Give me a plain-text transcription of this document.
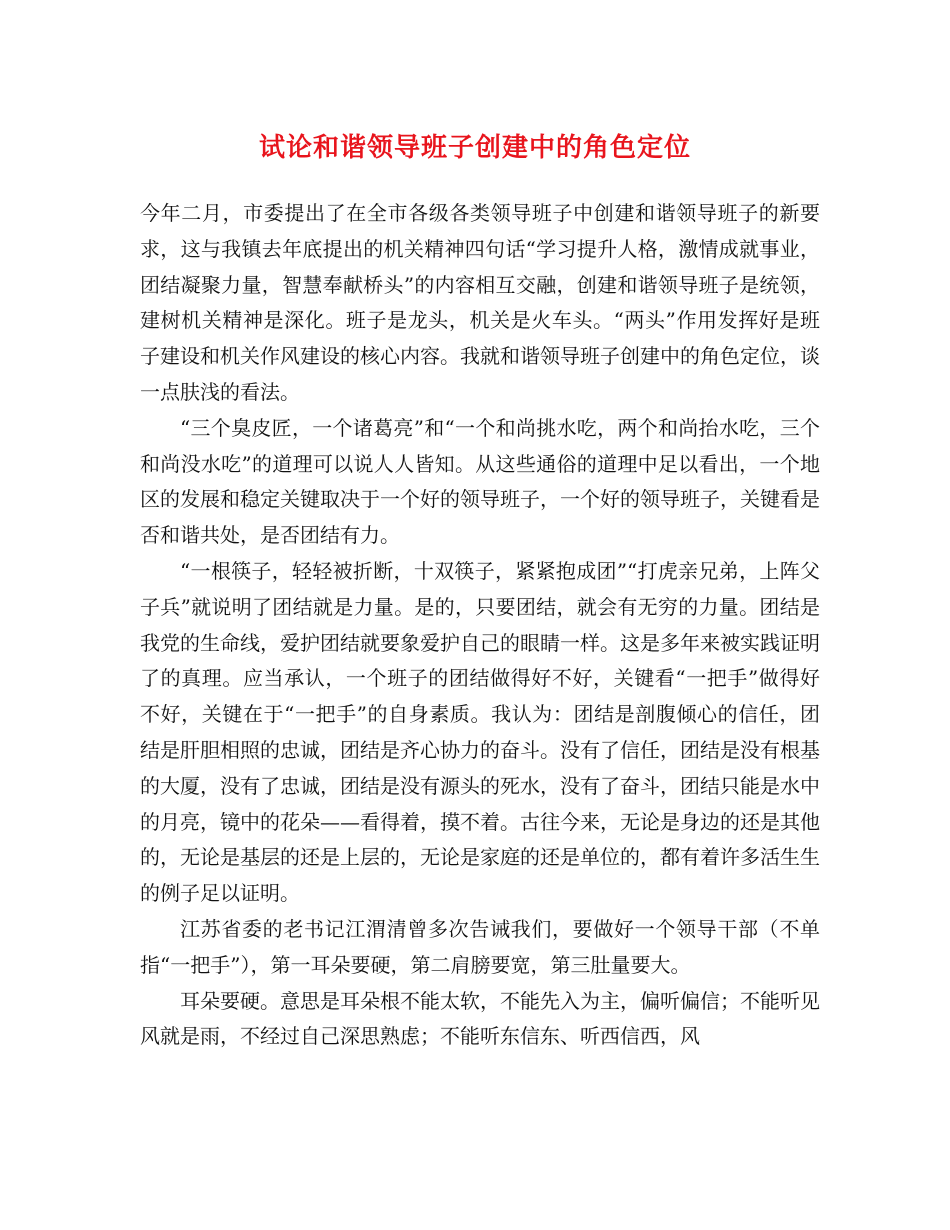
试论和谐领导班子创建中的角色定位

今年二月，市委提出了在全市各级各类领导班子中创建和谐领导班子的新要求，这与我镇去年底提出的机关精神四句话“学习提升人格，激情成就事业，团结凝聚力量，智慧奉献桥头”的内容相互交融，创建和谐领导班子是统领，建树机关精神是深化。班子是龙头，机关是火车头。“两头”作用发挥好是班子建设和机关作风建设的核心内容。我就和谐领导班子创建中的角色定位，谈一点肤浅的看法。

“三个臭皮匠，一个诸葛亮”和“一个和尚挑水吃，两个和尚抬水吃，三个和尚没水吃”的道理可以说人人皆知。从这些通俗的道理中足以看出，一个地区的发展和稳定关键取决于一个好的领导班子，一个好的领导班子，关键看是否和谐共处，是否团结有力。

“一根筷子，轻轻被折断，十双筷子，紧紧抱成团”“打虎亲兄弟，上阵父子兵”就说明了团结就是力量。是的，只要团结，就会有无穷的力量。团结是我党的生命线，爱护团结就要象爱护自己的眼睛一样。这是多年来被实践证明了的真理。应当承认，一个班子的团结做得好不好，关键看“一把手”做得好不好，关键在于“一把手”的自身素质。我认为：团结是剖腹倾心的信任，团结是肝胆相照的忠诚，团结是齐心协力的奋斗。没有了信任，团结是没有根基的大厦，没有了忠诚，团结是没有源头的死水，没有了奋斗，团结只能是水中的月亮，镜中的花朵——看得着，摸不着。古往今来，无论是身边的还是其他的，无论是基层的还是上层的，无论是家庭的还是单位的，都有着许多活生生的例子足以证明。

江苏省委的老书记江渭清曾多次告诫我们，要做好一个领导干部（不单指“一把手”），第一耳朵要硬，第二肩膀要宽，第三肚量要大。

耳朵要硬。意思是耳朵根不能太软，不能先入为主，偏听偏信；不能听见风就是雨，不经过自己深思熟虑；不能听东信东、听西信西，风
